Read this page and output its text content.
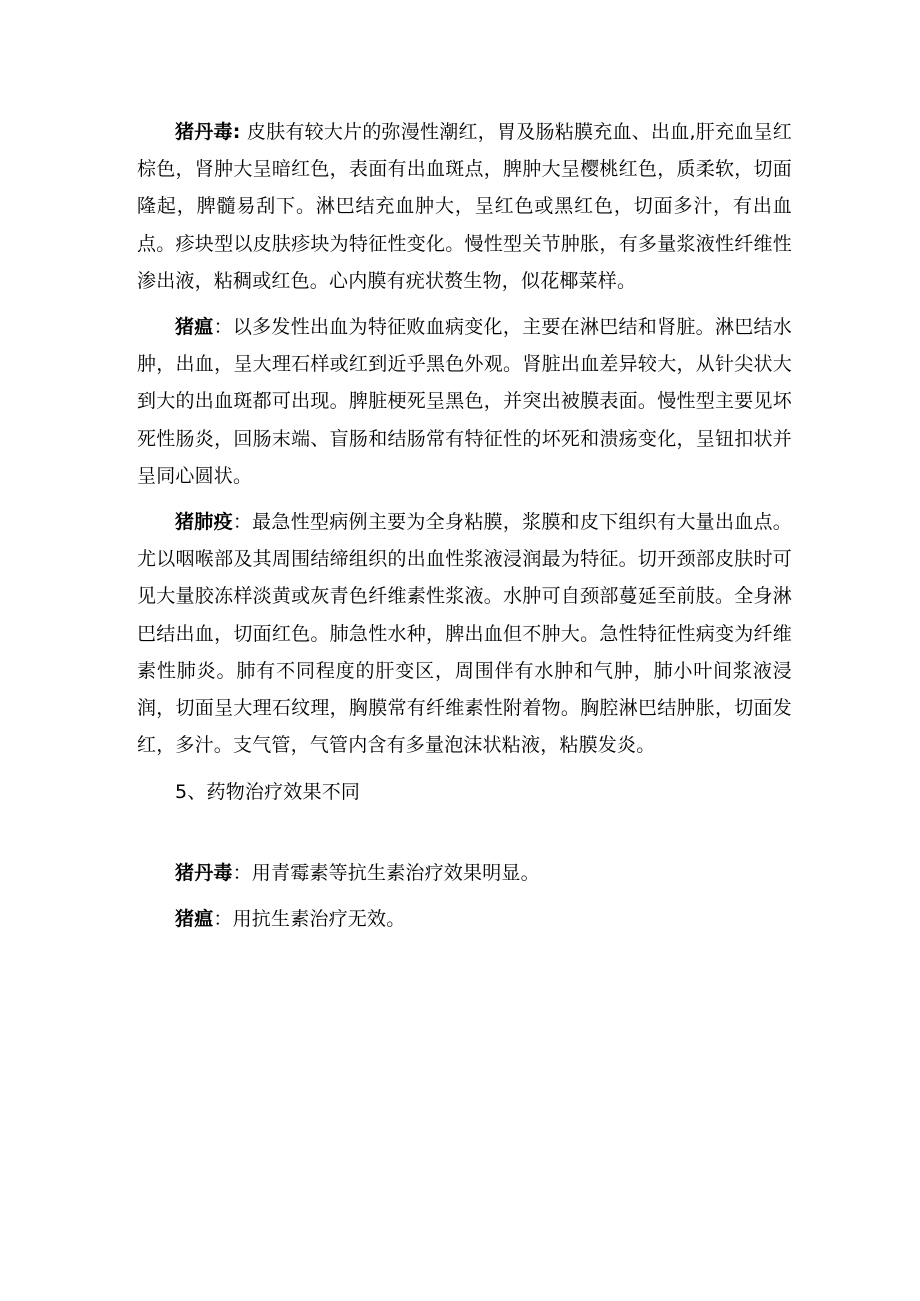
猪丹毒: 皮肤有较大片的弥漫性潮红，胃及肠粘膜充血、出血,肝充血呈红棕色，肾肿大呈暗红色，表面有出血斑点，脾肿大呈樱桃红色，质柔软，切面隆起，脾髓易刮下。淋巴结充血肿大，呈红色或黑红色，切面多汁，有出血点。疹块型以皮肤疹块为特征性变化。慢性型关节肿胀，有多量浆液性纤维性渗出液，粘稠或红色。心内膜有疣状赘生物，似花椰菜样。

猪瘟：以多发性出血为特征败血病变化，主要在淋巴结和肾脏。淋巴结水肿，出血，呈大理石样或红到近乎黑色外观。肾脏出血差异较大，从针尖状大到大的出血斑都可出现。脾脏梗死呈黑色，并突出被膜表面。慢性型主要见坏死性肠炎，回肠末端、盲肠和结肠常有特征性的坏死和溃疡变化，呈钮扣状并呈同心圆状。

猪肺疫：最急性型病例主要为全身粘膜，浆膜和皮下组织有大量出血点。尤以咽喉部及其周围结缔组织的出血性浆液浸润最为特征。切开颈部皮肤时可见大量胶冻样淡黄或灰青色纤维素性浆液。水肿可自颈部蔓延至前肢。全身淋巴结出血，切面红色。肺急性水种，脾出血但不肿大。急性特征性病变为纤维素性肺炎。肺有不同程度的肝变区，周围伴有水肿和气肿，肺小叶间浆液浸润，切面呈大理石纹理，胸膜常有纤维素性附着物。胸腔淋巴结肿胀，切面发红，多汁。支气管，气管内含有多量泡沫状粘液，粘膜发炎。

5、药物治疗效果不同

猪丹毒：用青霉素等抗生素治疗效果明显。

猪瘟：用抗生素治疗无效。
